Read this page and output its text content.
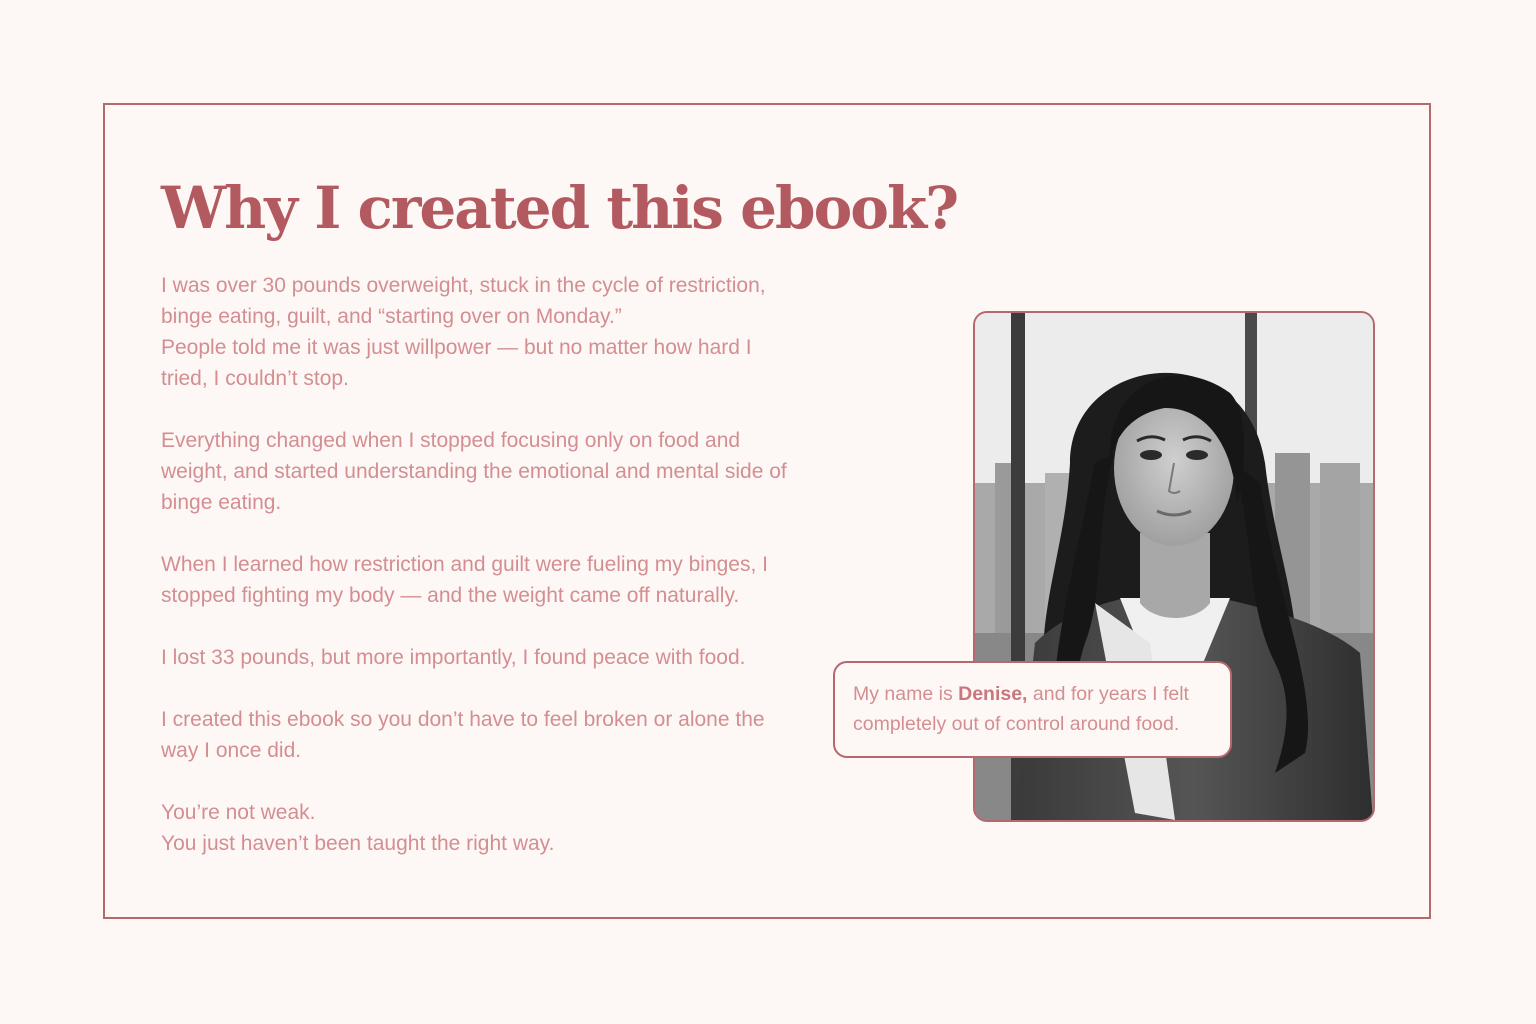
Why I created this ebook?

I was over 30 pounds overweight, stuck in the cycle of restriction,
binge eating, guilt, and “starting over on Monday.”
People told me it was just willpower — but no matter how hard I
tried, I couldn’t stop.

Everything changed when I stopped focusing only on food and
weight, and started understanding the emotional and mental side of
binge eating.

When I learned how restriction and guilt were fueling my binges, I
stopped fighting my body — and the weight came off naturally.

I lost 33 pounds, but more importantly, I found peace with food.

I created this ebook so you don’t have to feel broken or alone the
way I once did.

You’re not weak.
You just haven’t been taught the right way.

My name is Denise, and for years I felt
completely out of control around food.
